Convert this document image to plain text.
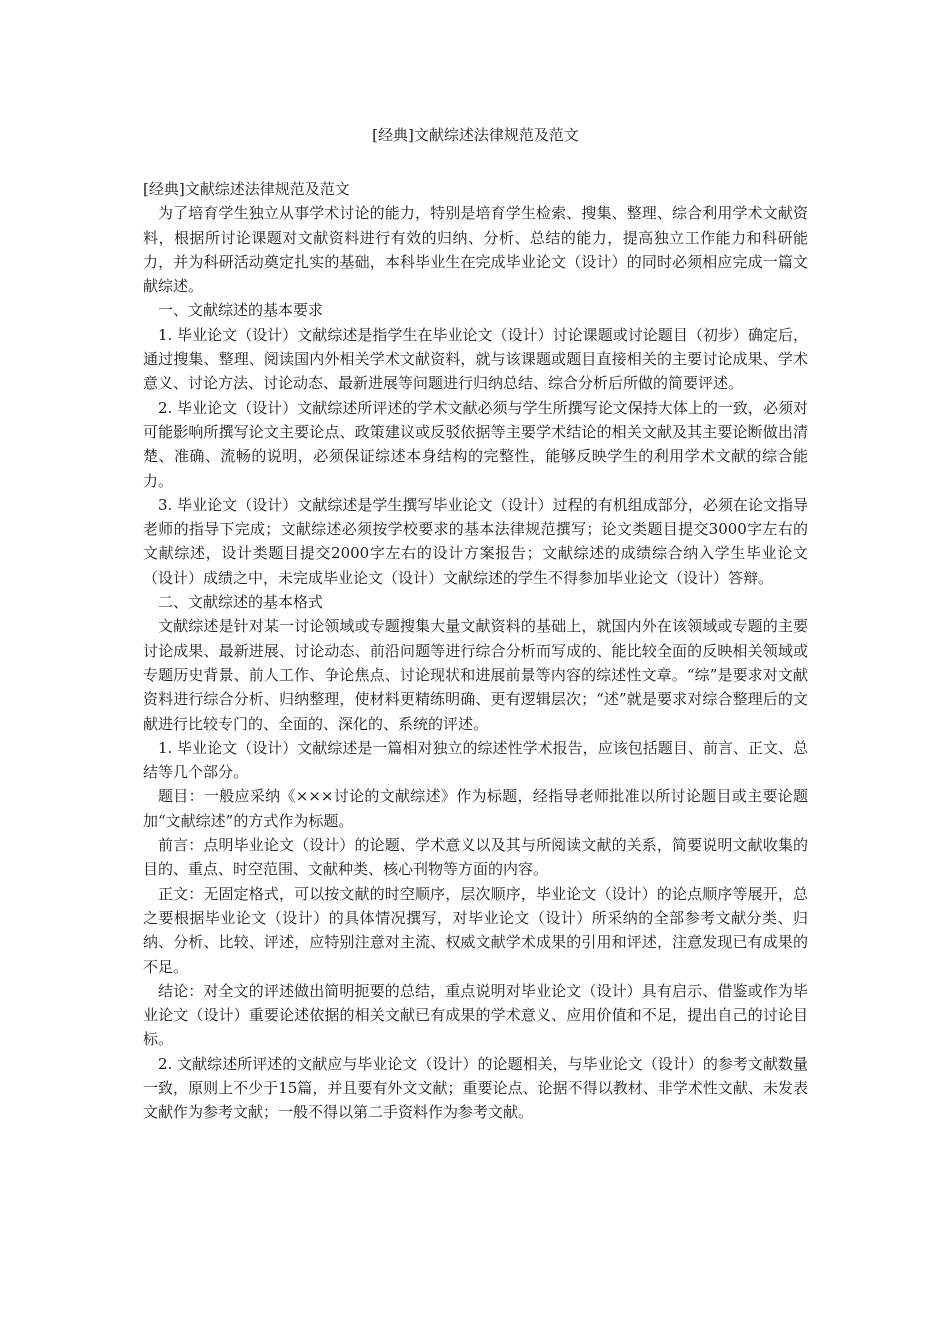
[经典]文献综述法律规范及范文

[经典]文献综述法律规范及范文

为了培育学生独立从事学术讨论的能力，特别是培育学生检索、搜集、整理、综合利用学术文献资料，根据所讨论课题对文献资料进行有效的归纳、分析、总结的能力，提高独立工作能力和科研能力，并为科研活动奠定扎实的基础，本科毕业生在完成毕业论文（设计）的同时必须相应完成一篇文献综述。

一、文献综述的基本要求

1. 毕业论文（设计）文献综述是指学生在毕业论文（设计）讨论课题或讨论题目（初步）确定后，通过搜集、整理、阅读国内外相关学术文献资料，就与该课题或题目直接相关的主要讨论成果、学术意义、讨论方法、讨论动态、最新进展等问题进行归纳总结、综合分析后所做的简要评述。

2. 毕业论文（设计）文献综述所评述的学术文献必须与学生所撰写论文保持大体上的一致，必须对可能影响所撰写论文主要论点、政策建议或反驳依据等主要学术结论的相关文献及其主要论断做出清楚、准确、流畅的说明，必须保证综述本身结构的完整性，能够反映学生的利用学术文献的综合能力。

3. 毕业论文（设计）文献综述是学生撰写毕业论文（设计）过程的有机组成部分，必须在论文指导老师的指导下完成；文献综述必须按学校要求的基本法律规范撰写；论文类题目提交3000字左右的文献综述，设计类题目提交2000字左右的设计方案报告；文献综述的成绩综合纳入学生毕业论文（设计）成绩之中，未完成毕业论文（设计）文献综述的学生不得参加毕业论文（设计）答辩。

二、文献综述的基本格式

文献综述是针对某一讨论领域或专题搜集大量文献资料的基础上，就国内外在该领域或专题的主要讨论成果、最新进展、讨论动态、前沿问题等进行综合分析而写成的、能比较全面的反映相关领域或专题历史背景、前人工作、争论焦点、讨论现状和进展前景等内容的综述性文章。“综”是要求对文献资料进行综合分析、归纳整理，使材料更精练明确、更有逻辑层次；“述”就是要求对综合整理后的文献进行比较专门的、全面的、深化的、系统的评述。

1. 毕业论文（设计）文献综述是一篇相对独立的综述性学术报告，应该包括题目、前言、正文、总结等几个部分。

题目：一般应采纳《×××讨论的文献综述》作为标题，经指导老师批准以所讨论题目或主要论题加“文献综述”的方式作为标题。

前言：点明毕业论文（设计）的论题、学术意义以及其与所阅读文献的关系，简要说明文献收集的目的、重点、时空范围、文献种类、核心刊物等方面的内容。

正文：无固定格式，可以按文献的时空顺序，层次顺序，毕业论文（设计）的论点顺序等展开，总之要根据毕业论文（设计）的具体情况撰写，对毕业论文（设计）所采纳的全部参考文献分类、归纳、分析、比较、评述，应特别注意对主流、权威文献学术成果的引用和评述，注意发现已有成果的不足。

结论：对全文的评述做出简明扼要的总结，重点说明对毕业论文（设计）具有启示、借鉴或作为毕业论文（设计）重要论述依据的相关文献已有成果的学术意义、应用价值和不足，提出自己的讨论目标。

2. 文献综述所评述的文献应与毕业论文（设计）的论题相关，与毕业论文（设计）的参考文献数量一致，原则上不少于15篇，并且要有外文文献；重要论点、论据不得以教材、非学术性文献、未发表文献作为参考文献；一般不得以第二手资料作为参考文献。
